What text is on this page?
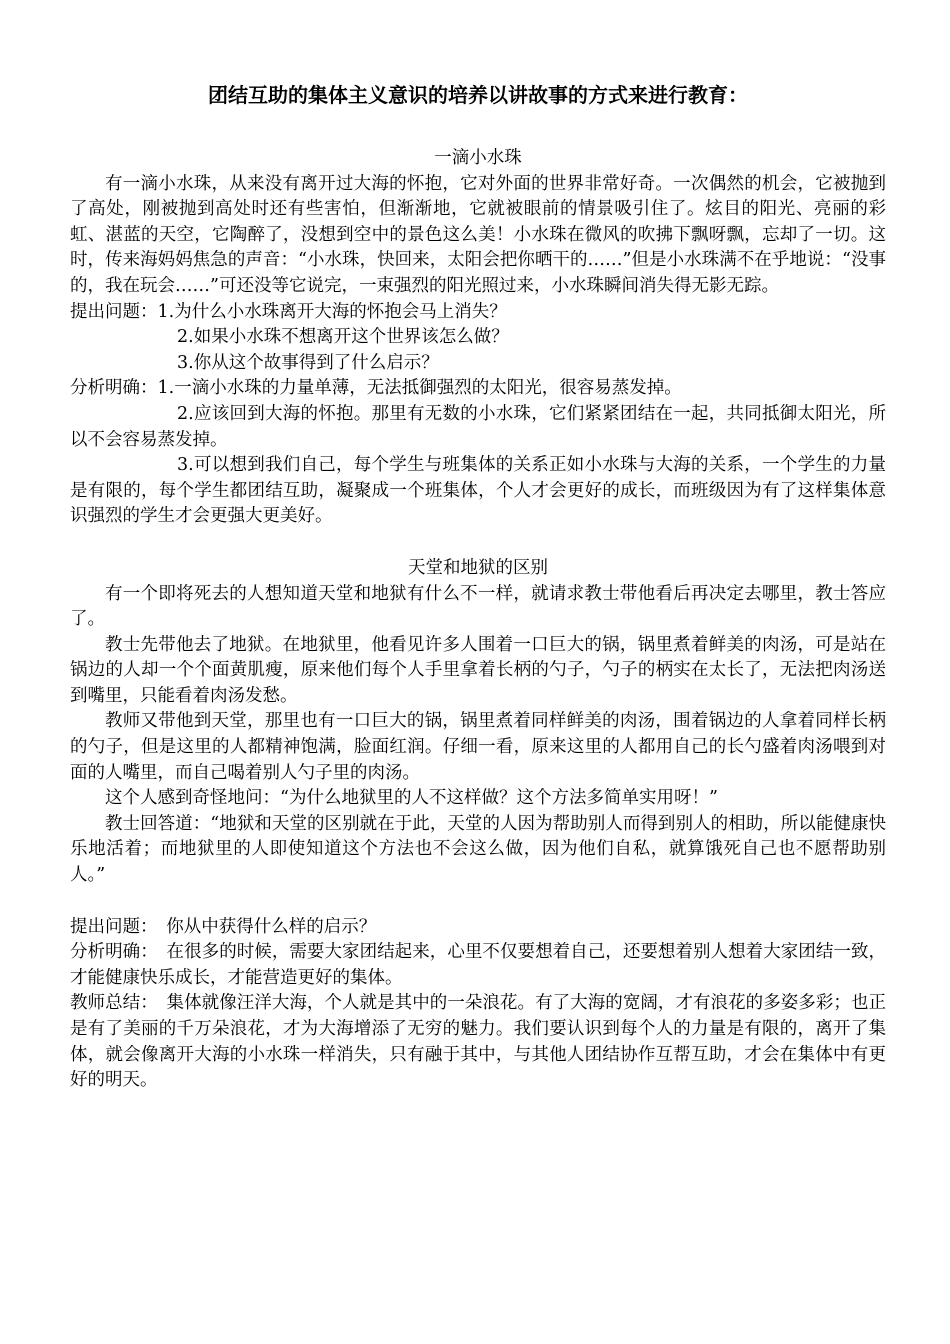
团结互助的集体主义意识的培养以讲故事的方式来进行教育：
一滴小水珠

有一滴小水珠，从来没有离开过大海的怀抱，它对外面的世界非常好奇。一次偶然的机会，它被抛到了高处，刚被抛到高处时还有些害怕，但渐渐地，它就被眼前的情景吸引住了。炫目的阳光、亮丽的彩虹、湛蓝的天空，它陶醉了，没想到空中的景色这么美！小水珠在微风的吹拂下飘呀飘，忘却了一切。这时，传来海妈妈焦急的声音：“小水珠，快回来，太阳会把你晒干的……”但是小水珠满不在乎地说：“没事的，我在玩会……”可还没等它说完，一束强烈的阳光照过来，小水珠瞬间消失得无影无踪。

提出问题： 1.为什么小水珠离开大海的怀抱会马上消失？
2.如果小水珠不想离开这个世界该怎么做？
3.你从这个故事得到了什么启示？
分析明确： 1.一滴小水珠的力量单薄，无法抵御强烈的太阳光，很容易蒸发掉。

2.应该回到大海的怀抱。那里有无数的小水珠，它们紧紧团结在一起，共同抵御太阳光，所以不会容易蒸发掉。

3.可以想到我们自己，每个学生与班集体的关系正如小水珠与大海的关系，一个学生的力量是有限的，每个学生都团结互助，凝聚成一个班集体，个人才会更好的成长，而班级因为有了这样集体意识强烈的学生才会更强大更美好。

天堂和地狱的区别

有一个即将死去的人想知道天堂和地狱有什么不一样，就请求教士带他看后再决定去哪里，教士答应了。

教士先带他去了地狱。在地狱里，他看见许多人围着一口巨大的锅，锅里煮着鲜美的肉汤，可是站在锅边的人却一个个面黄肌瘦，原来他们每个人手里拿着长柄的勺子，勺子的柄实在太长了，无法把肉汤送到嘴里，只能看着肉汤发愁。

教师又带他到天堂，那里也有一口巨大的锅，锅里煮着同样鲜美的肉汤，围着锅边的人拿着同样长柄的勺子，但是这里的人都精神饱满，脸面红润。仔细一看，原来这里的人都用自己的长勺盛着肉汤喂到对面的人嘴里，而自己喝着别人勺子里的肉汤。

这个人感到奇怪地问：“为什么地狱里的人不这样做？这个方法多简单实用呀！”

教士回答道：“地狱和天堂的区别就在于此，天堂的人因为帮助别人而得到别人的相助，所以能健康快乐地活着；而地狱里的人即使知道这个方法也不会这么做，因为他们自私，就算饿死自己也不愿帮助别人。”

提出问题：　你从中获得什么样的启示？

分析明确：　在很多的时候，需要大家团结起来，心里不仅要想着自己，还要想着别人想着大家团结一致，才能健康快乐成长，才能营造更好的集体。

教师总结：　集体就像汪洋大海，个人就是其中的一朵浪花。有了大海的宽阔，才有浪花的多姿多彩；也正是有了美丽的千万朵浪花，才为大海增添了无穷的魅力。我们要认识到每个人的力量是有限的，离开了集体，就会像离开大海的小水珠一样消失，只有融于其中，与其他人团结协作互帮互助，才会在集体中有更好的明天。
